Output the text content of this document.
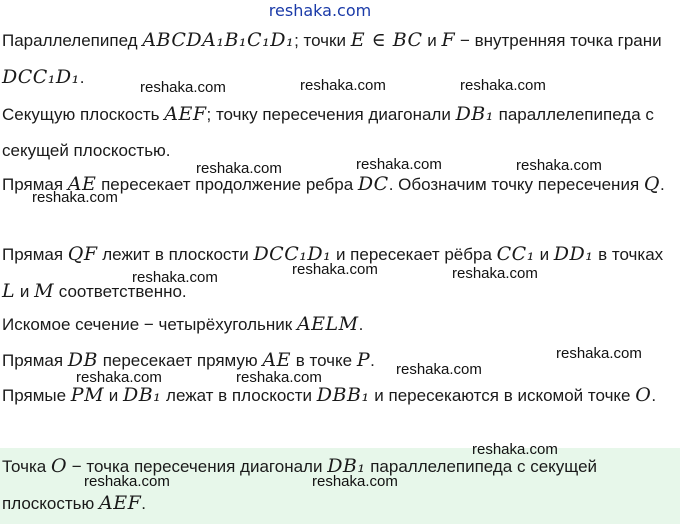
reshaka.com
Параллелепипед ABCDA₁B₁C₁D₁; точки E ∈ BC и F − внутренняя точка грани DCC₁D₁.
Секущую плоскость AEF; точку пересечения диагонали DB₁ параллелепипеда с секущей плоскостью.
Прямая AE пересекает продолжение ребра DC. Обозначим точку пересечения Q.
Прямая QF лежит в плоскости DCC₁D₁ и пересекает рёбра CC₁ и DD₁ в точках L и M соответственно.
Искомое сечение − четырёхугольник AELM.
Прямая DB пересекает прямую AE в точке P.
Прямые PM и DB₁ лежат в плоскости DBB₁ и пересекаются в искомой точке O.
Точка O − точка пересечения диагонали DB₁ параллелепипеда с секущей плоскостью AEF.
reshaka.com	reshaka.com	reshaka.com
reshaka.com	reshaka.com	reshaka.com
reshaka.com
reshaka.com	reshaka.com
reshaka.com
reshaka.com
reshaka.com
reshaka.com	reshaka.com
reshaka.com
reshaka.com	reshaka.com
